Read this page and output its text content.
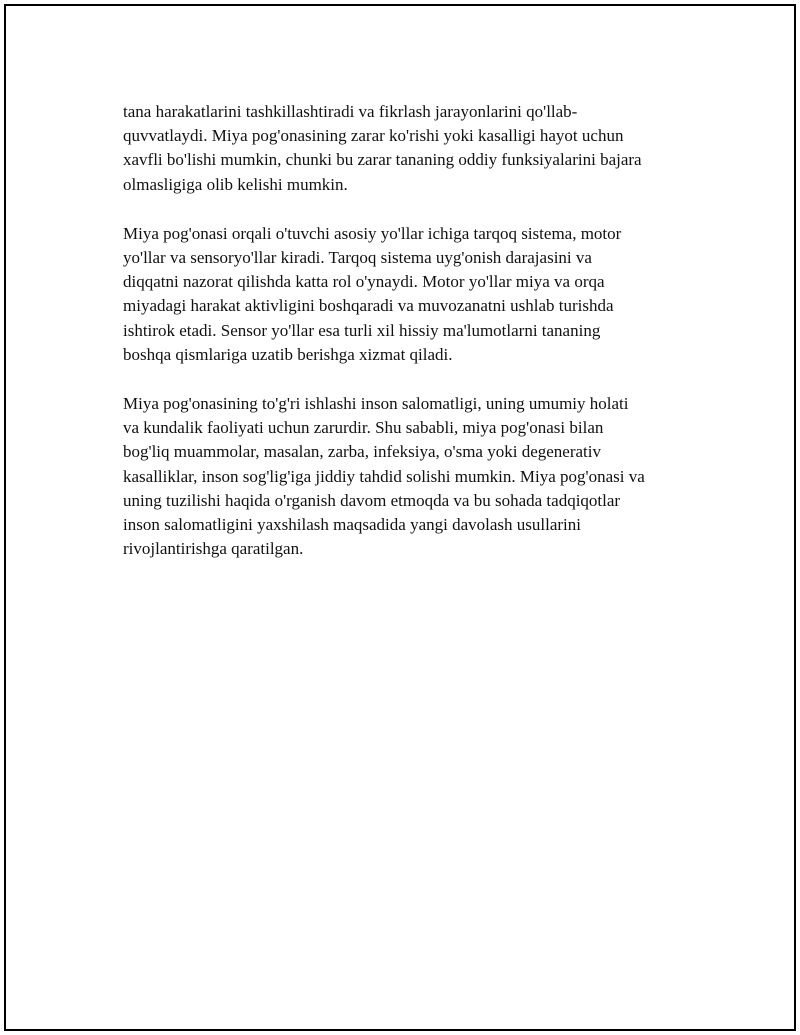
tana harakatlarini tashkillashtiradi va fikrlash jarayonlarini qo'llab-
quvvatlaydi. Miya pog'onasining zarar ko'rishi yoki kasalligi hayot uchun
xavfli bo'lishi mumkin, chunki bu zarar tananing oddiy funksiyalarini bajara
olmasligiga olib kelishi mumkin.

Miya pog'onasi orqali o'tuvchi asosiy yo'llar ichiga tarqoq sistema, motor
yo'llar va sensoryo'llar kiradi. Tarqoq sistema uyg'onish darajasini va
diqqatni nazorat qilishda katta rol o'ynaydi. Motor yo'llar miya va orqa
miyadagi harakat aktivligini boshqaradi va muvozanatni ushlab turishda
ishtirok etadi. Sensor yo'llar esa turli xil hissiy ma'lumotlarni tananing
boshqa qismlariga uzatib berishga xizmat qiladi.

Miya pog'onasining to'g'ri ishlashi inson salomatligi, uning umumiy holati
va kundalik faoliyati uchun zarurdir. Shu sababli, miya pog'onasi bilan
bog'liq muammolar, masalan, zarba, infeksiya, o'sma yoki degenerativ
kasalliklar, inson sog'lig'iga jiddiy tahdid solishi mumkin. Miya pog'onasi va
uning tuzilishi haqida o'rganish davom etmoqda va bu sohada tadqiqotlar
inson salomatligini yaxshilash maqsadida yangi davolash usullarini
rivojlantirishga qaratilgan.
